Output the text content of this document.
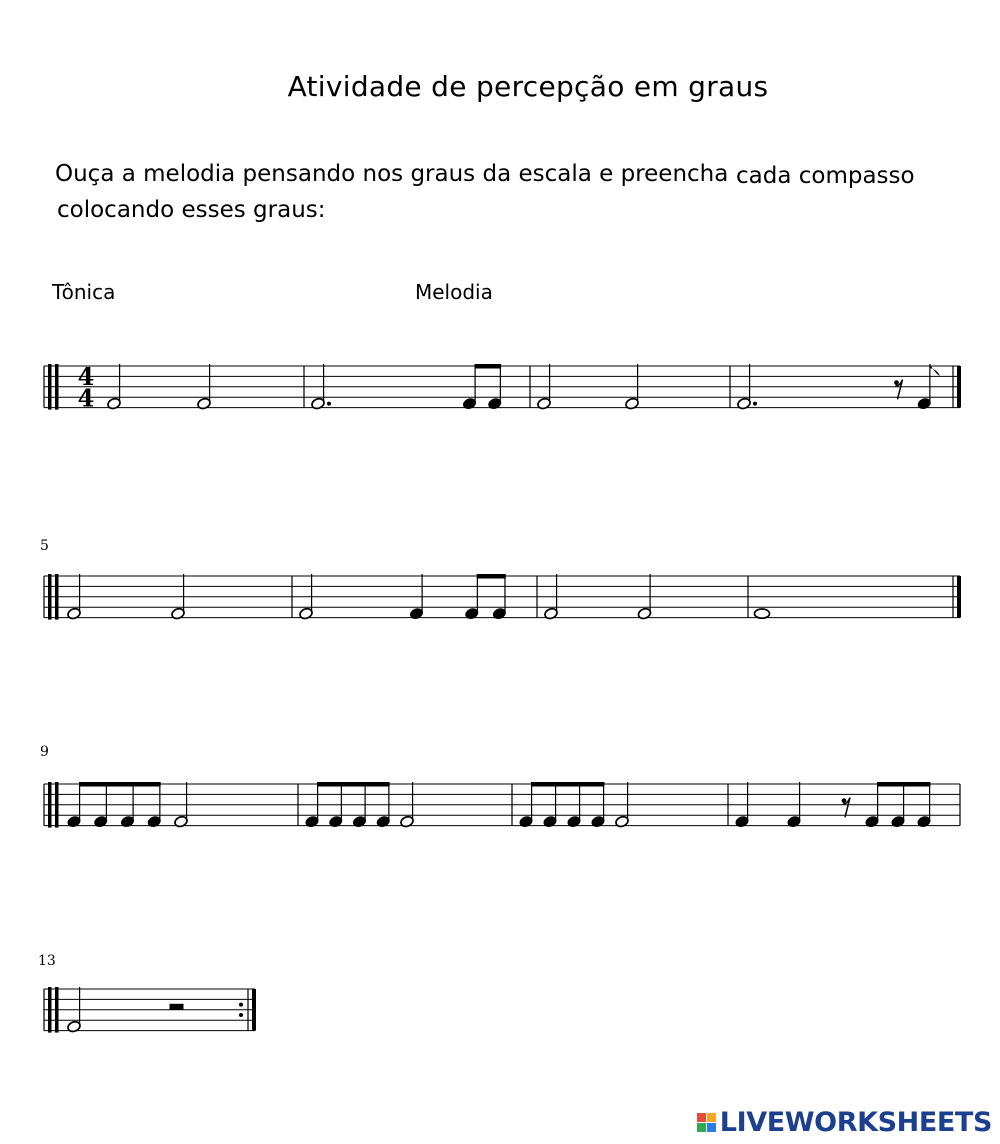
Atividade de percepção em graus
Ouça a melodia pensando nos graus da escala e preencha cada compasso
colocando esses graus:
Tônica	Melodia
5
9
13
4
4
LIVEWORKSHEETS
